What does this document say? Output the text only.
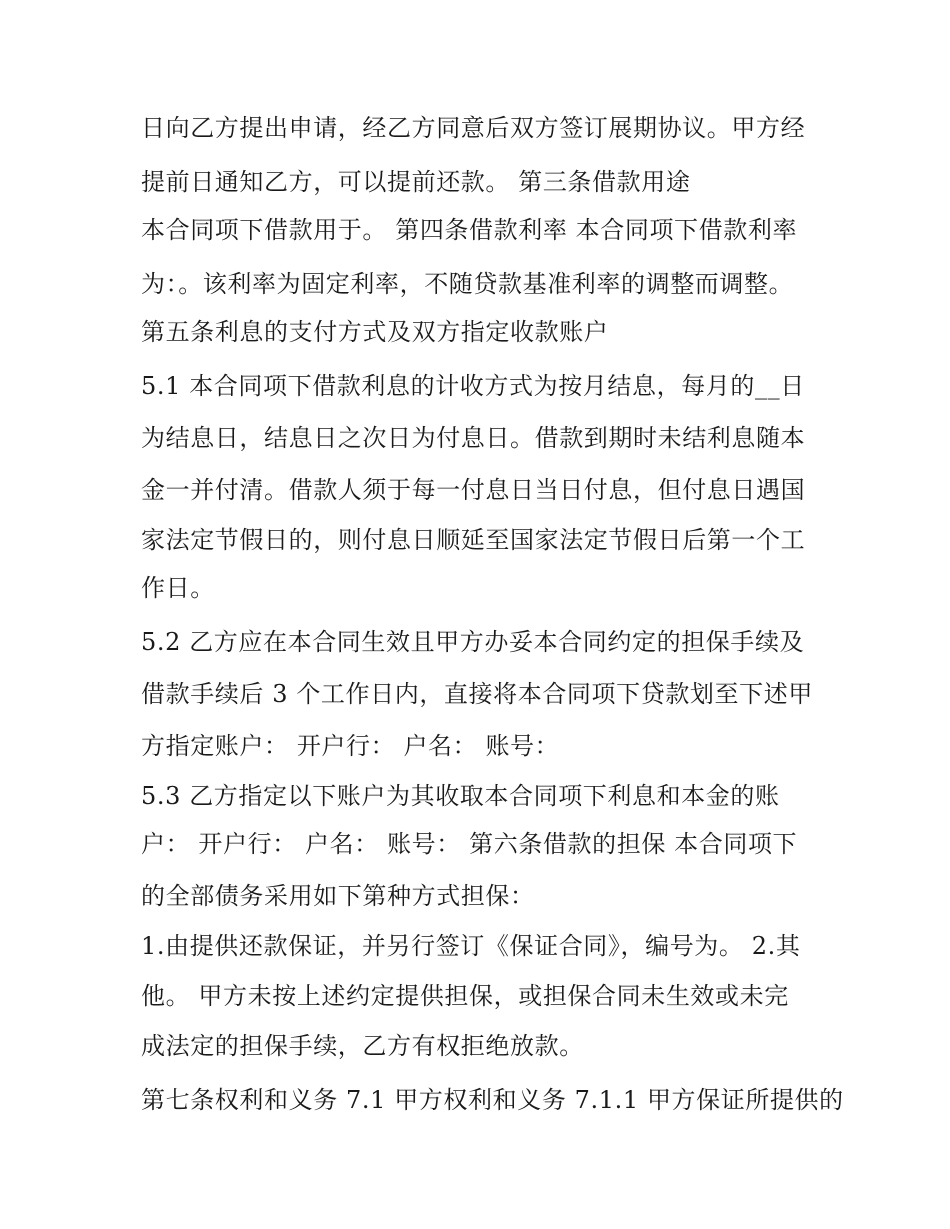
日向乙方提出申请，经乙方同意后双方签订展期协议。甲方经
提前日通知乙方，可以提前还款。 第三条借款用途
本合同项下借款用于。 第四条借款利率 本合同项下借款利率
为：。该利率为固定利率，不随贷款基准利率的调整而调整。
第五条利息的支付方式及双方指定收款账户
5.1 本合同项下借款利息的计收方式为按月结息，每月的__日
为结息日，结息日之次日为付息日。借款到期时未结利息随本
金一并付清。借款人须于每一付息日当日付息，但付息日遇国
家法定节假日的，则付息日顺延至国家法定节假日后第一个工
作日。
5.2 乙方应在本合同生效且甲方办妥本合同约定的担保手续及
借款手续后 3 个工作日内，直接将本合同项下贷款划至下述甲
方指定账户： 开户行： 户名： 账号：
5.3 乙方指定以下账户为其收取本合同项下利息和本金的账
户： 开户行： 户名： 账号： 第六条借款的担保 本合同项下
的全部债务采用如下第种方式担保：
1.由提供还款保证，并另行签订《保证合同》，编号为。 2.其
他。 甲方未按上述约定提供担保，或担保合同未生效或未完
成法定的担保手续，乙方有权拒绝放款。
第七条权利和义务 7.1 甲方权利和义务 7.1.1 甲方保证所提供的
